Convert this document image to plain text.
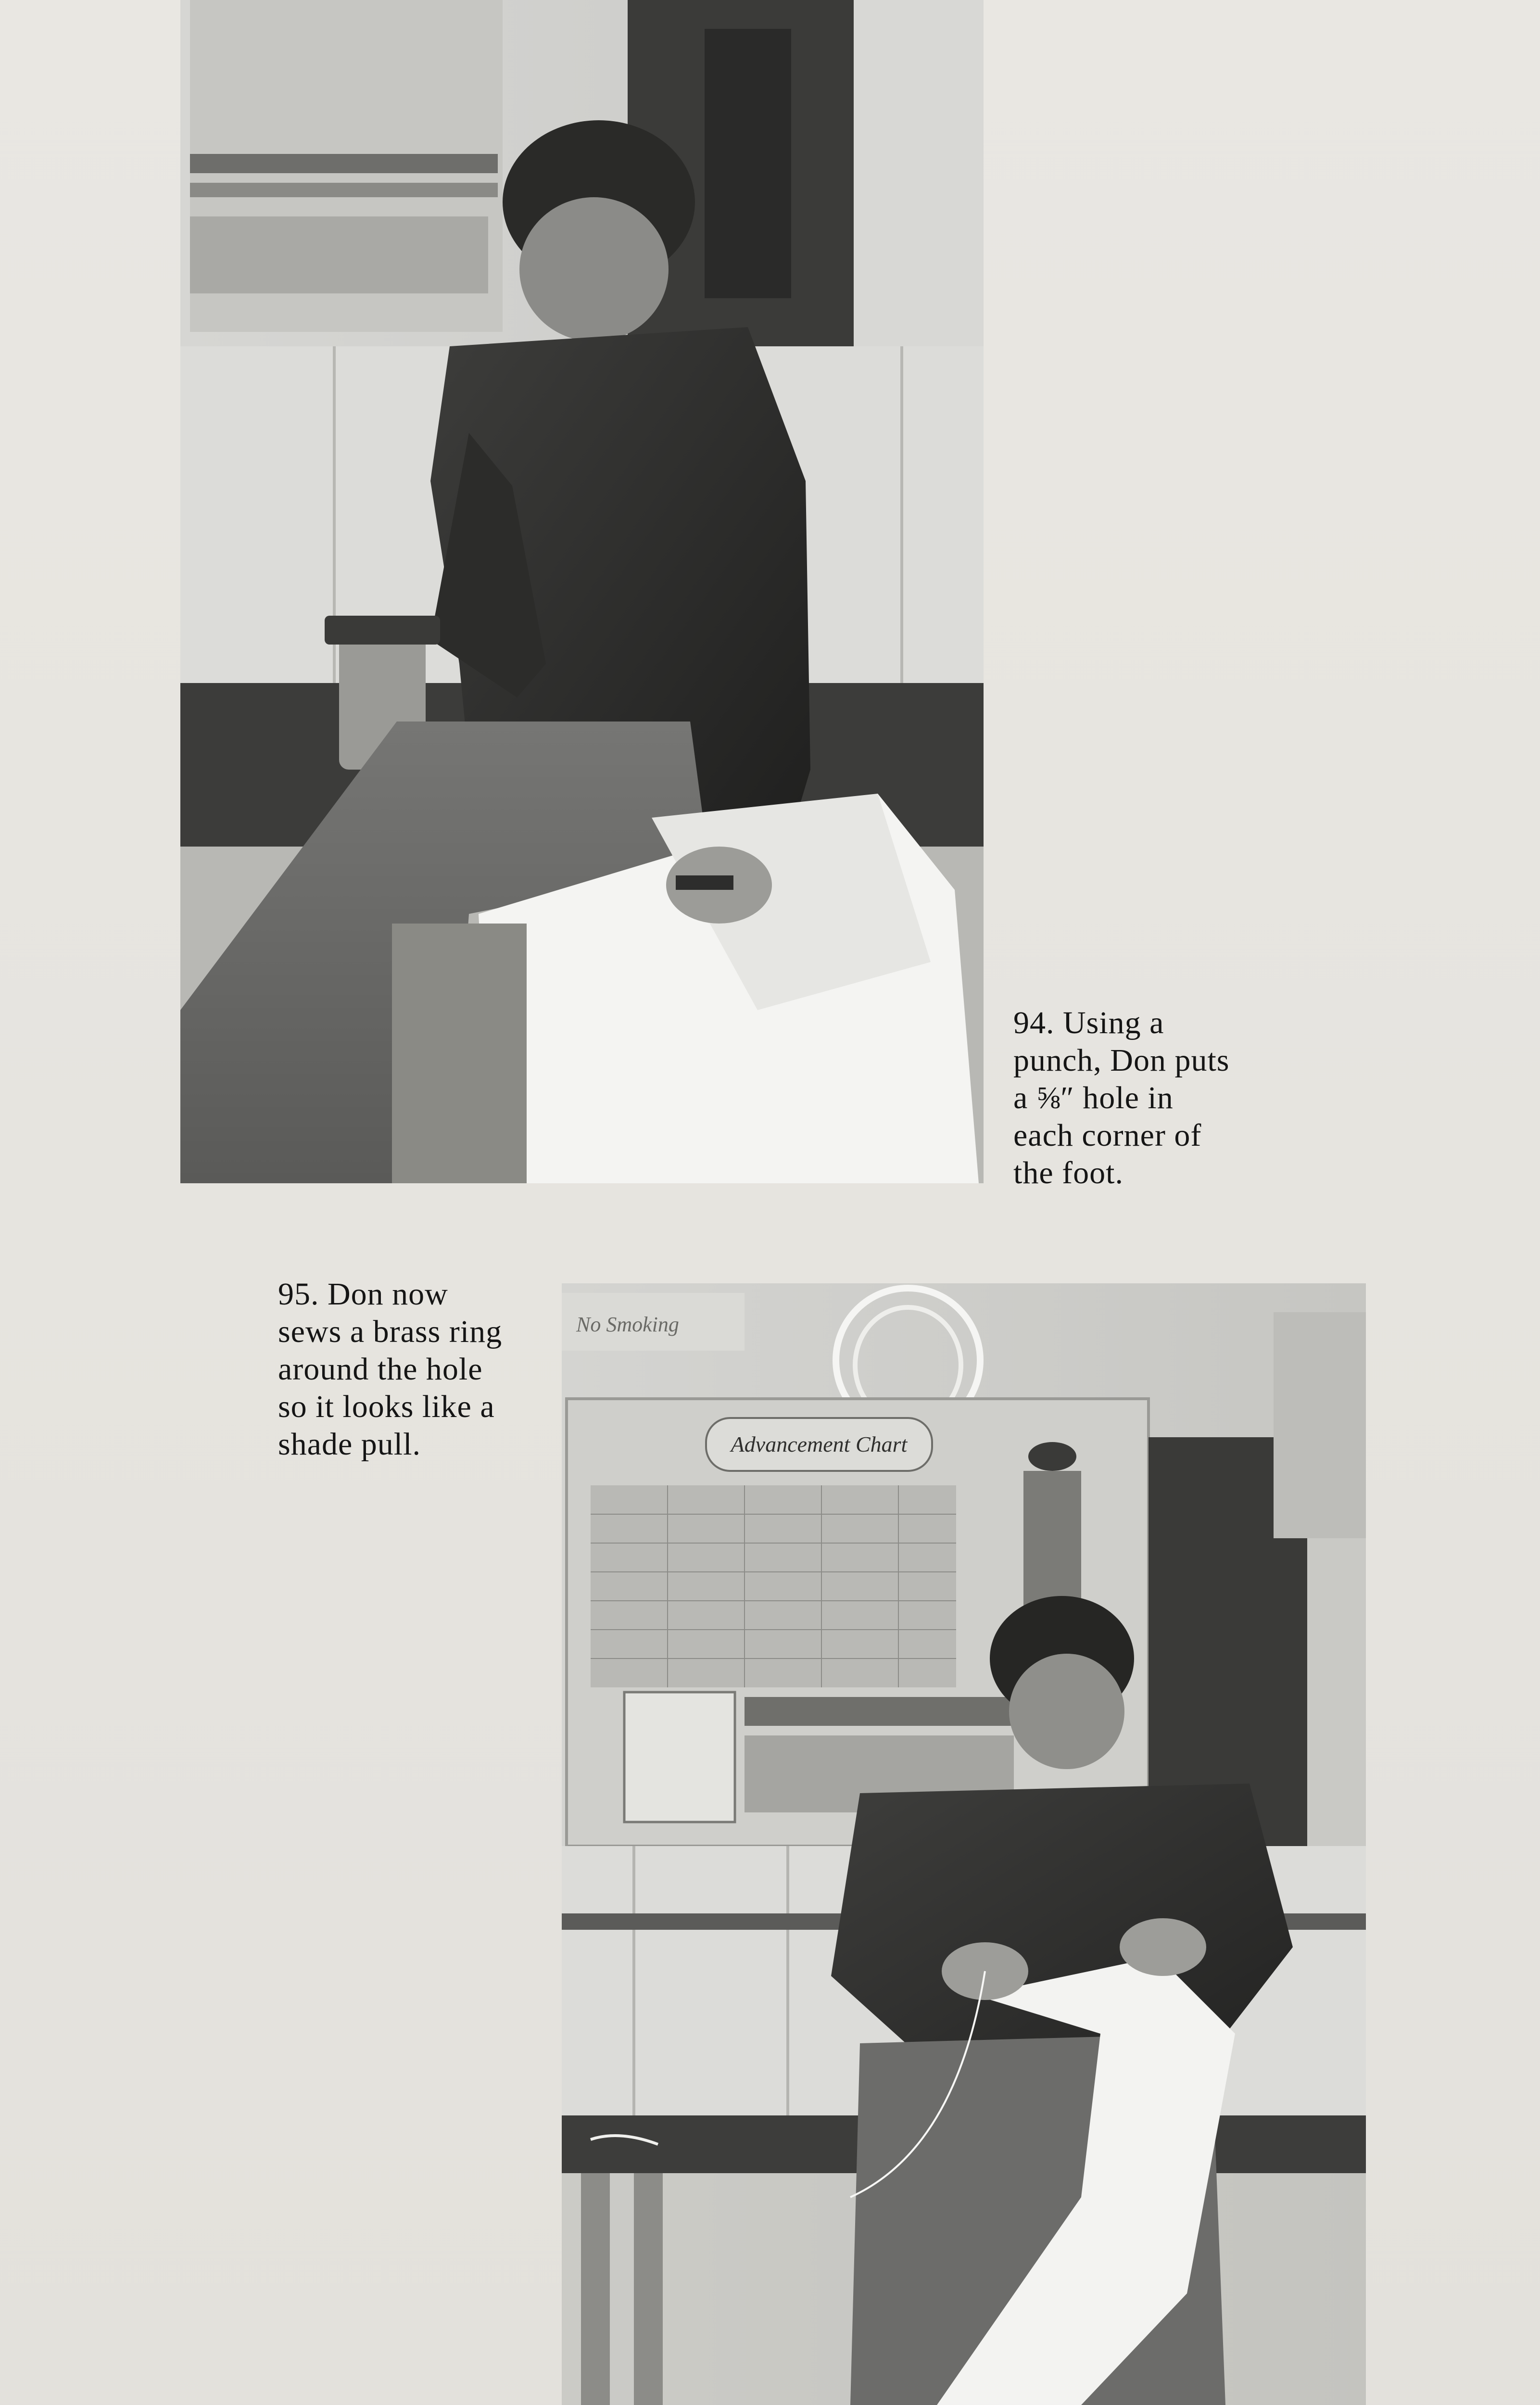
94. Using a
punch, Don puts
a ⅝″ hole in
each corner of
the foot.
95. Don now
sews a brass ring
around the hole
so it looks like a
shade pull.
No Smoking
Advancement Chart
